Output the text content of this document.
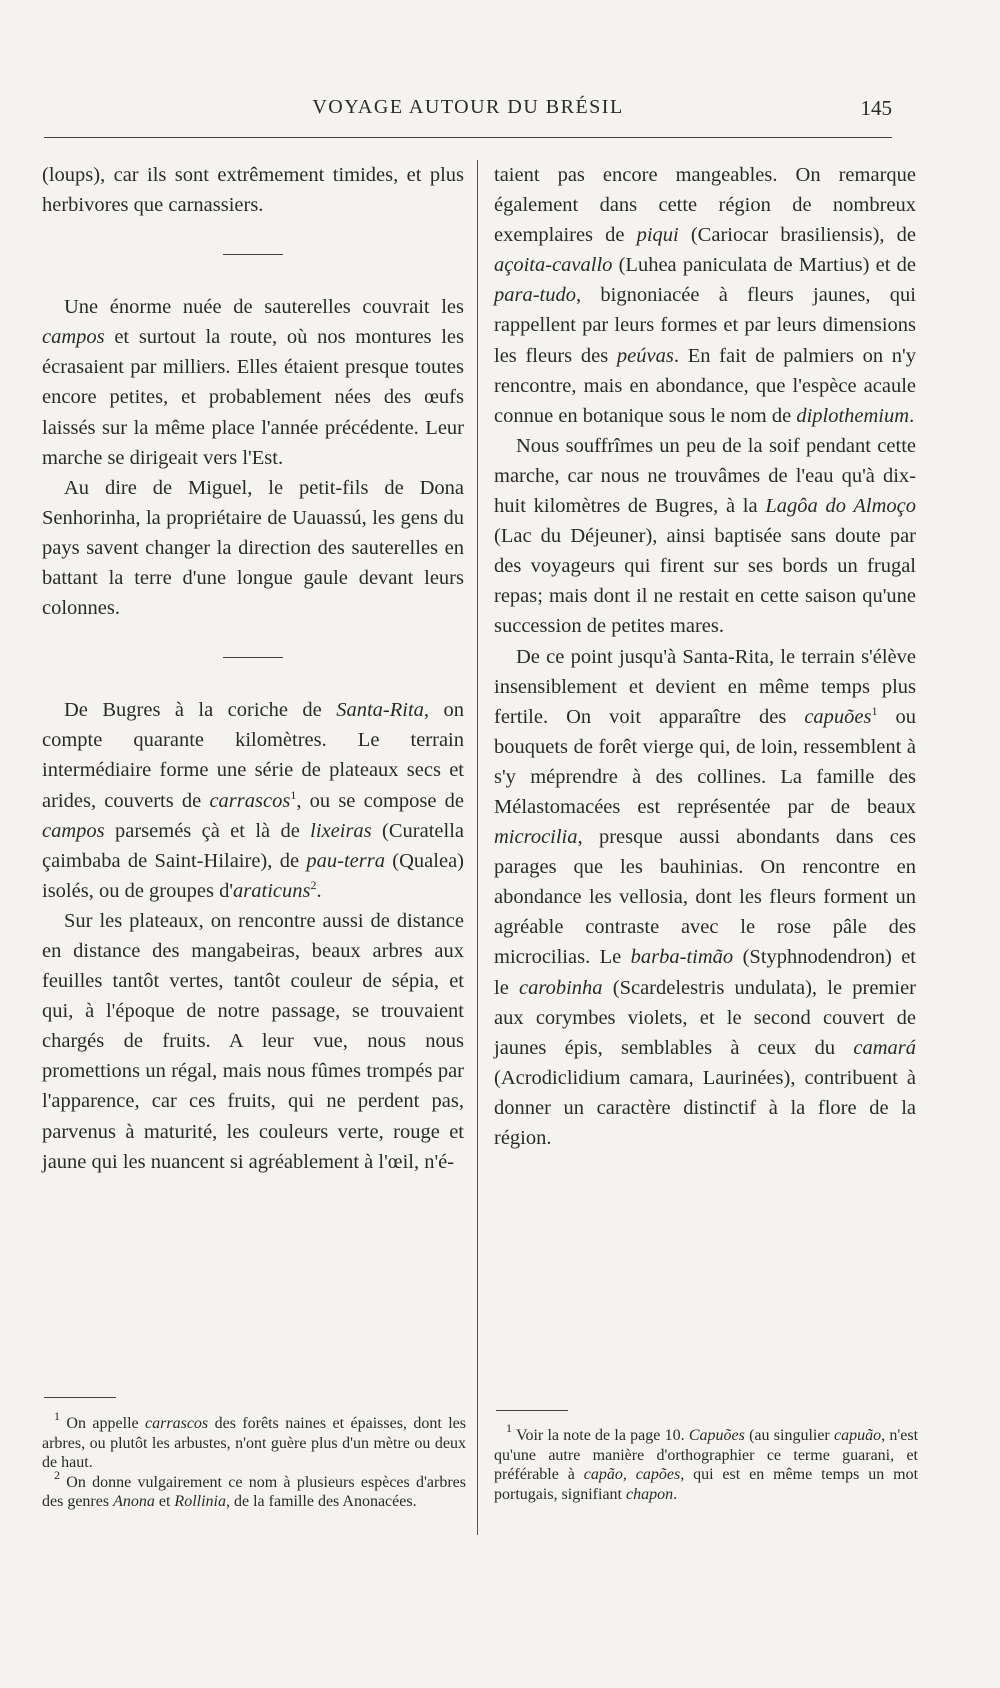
VOYAGE AUTOUR DU BRÉSIL	145

(loups), car ils sont extrêmement timides, et plus herbivores que carnassiers.

Une énorme nuée de sauterelles couvrait les campos et surtout la route, où nos montures les écrasaient par milliers. Elles étaient presque toutes encore petites, et probablement nées des œufs laissés sur la même place l'année précédente. Leur marche se dirigeait vers l'Est.

Au dire de Miguel, le petit-fils de Dona Senhorinha, la propriétaire de Uauassú, les gens du pays savent changer la direction des sauterelles en battant la terre d'une longue gaule devant leurs colonnes.

De Bugres à la coriche de Santa-Rita, on compte quarante kilomètres. Le terrain intermédiaire forme une série de plateaux secs et arides, couverts de carrascos$^1$, ou se compose de campos parsemés çà et là de lixeiras (Curatella çaimbaba de Saint-Hilaire), de pau-terra (Qualea) isolés, ou de groupes d'araticuns$^2$.

Sur les plateaux, on rencontre aussi de distance en distance des mangabeiras, beaux arbres aux feuilles tantôt vertes, tantôt couleur de sépia, et qui, à l'époque de notre passage, se trouvaient chargés de fruits. A leur vue, nous nous promettions un régal, mais nous fûmes trompés par l'apparence, car ces fruits, qui ne perdent pas, parvenus à maturité, les couleurs verte, rouge et jaune qui les nuancent si agréablement à l'œil, n'é-

taient pas encore mangeables. On remarque également dans cette région de nombreux exemplaires de piqui (Cariocar brasiliensis), de açoita-cavallo (Luhea paniculata de Martius) et de para-tudo, bignoniacée à fleurs jaunes, qui rappellent par leurs formes et par leurs dimensions les fleurs des peúvas. En fait de palmiers on n'y rencontre, mais en abondance, que l'espèce acaule connue en botanique sous le nom de diplothemium.

Nous souffrîmes un peu de la soif pendant cette marche, car nous ne trouvâmes de l'eau qu'à dix-huit kilomètres de Bugres, à la Lagôa do Almoço (Lac du Déjeuner), ainsi baptisée sans doute par des voyageurs qui firent sur ses bords un frugal repas; mais dont il ne restait en cette saison qu'une succession de petites mares.

De ce point jusqu'à Santa-Rita, le terrain s'élève insensiblement et devient en même temps plus fertile. On voit apparaître des capuões$^1$ ou bouquets de forêt vierge qui, de loin, ressemblent à s'y méprendre à des collines. La famille des Mélastomacées est représentée par de beaux microcilia, presque aussi abondants dans ces parages que les bauhinias. On rencontre en abondance les vellosia, dont les fleurs forment un agréable contraste avec le rose pâle des microcilias. Le barba-timão (Styphnodendron) et le carobinha (Scardelestris undulata), le premier aux corymbes violets, et le second couvert de jaunes épis, semblables à ceux du camará (Acrodiclidium camara, Laurinées), contribuent à donner un caractère distinctif à la flore de la région.

$^1$ On appelle carrascos des forêts naines et épaisses, dont les arbres, ou plutôt les arbustes, n'ont guère plus d'un mètre ou deux de haut.

$^2$ On donne vulgairement ce nom à plusieurs espèces d'arbres des genres Anona et Rollinia, de la famille des Anonacées.

$^1$ Voir la note de la page 10. Capuões (au singulier capuão, n'est qu'une autre manière d'orthographier ce terme guarani, et préférable à capão, capões, qui est en même temps un mot portugais, signifiant chapon.
